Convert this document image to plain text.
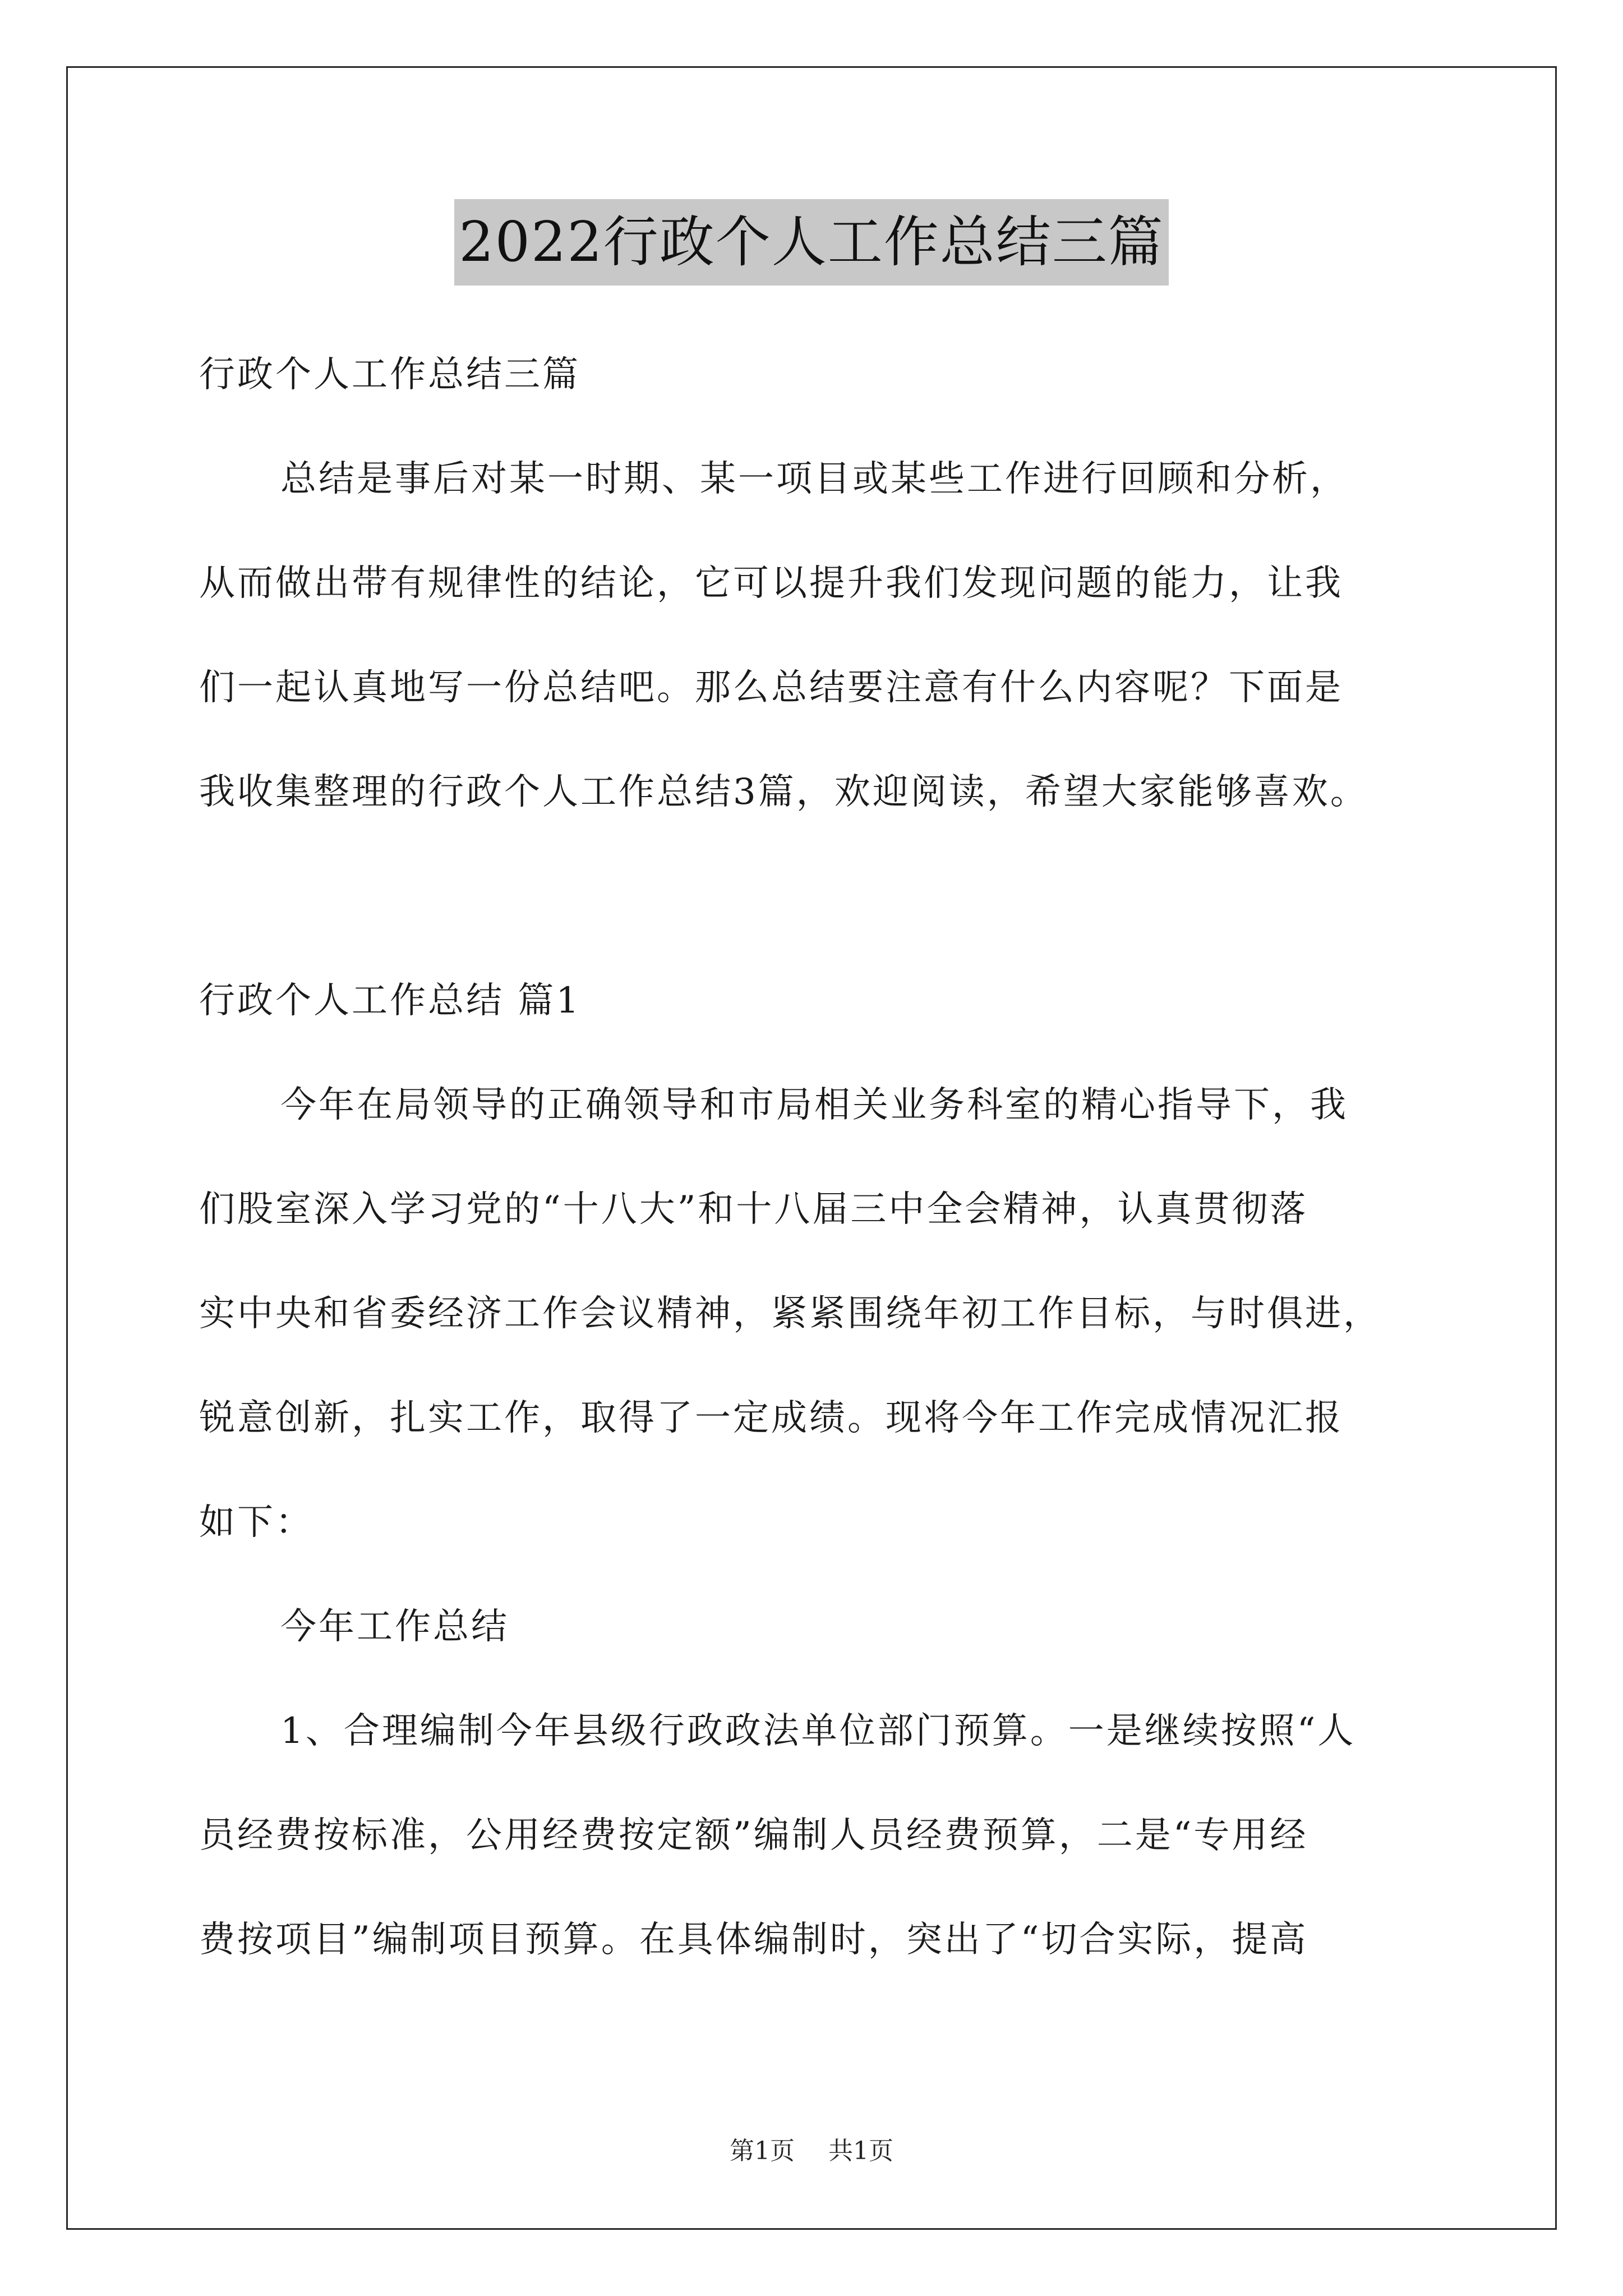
2022行政个人工作总结三篇
行政个人工作总结三篇
总结是事后对某一时期、某一项目或某些工作进行回顾和分析，
从而做出带有规律性的结论，它可以提升我们发现问题的能力，让我
们一起认真地写一份总结吧。那么总结要注意有什么内容呢？下面是
我收集整理的行政个人工作总结3篇，欢迎阅读，希望大家能够喜欢。
行政个人工作总结 篇1
今年在局领导的正确领导和市局相关业务科室的精心指导下，我
们股室深入学习党的“十八大”和十八届三中全会精神，认真贯彻落
实中央和省委经济工作会议精神，紧紧围绕年初工作目标，与时俱进，
锐意创新，扎实工作，取得了一定成绩。现将今年工作完成情况汇报
如下：
今年工作总结
1、合理编制今年县级行政政法单位部门预算。一是继续按照“人
员经费按标准，公用经费按定额”编制人员经费预算，二是“专用经
费按项目”编制项目预算。在具体编制时，突出了“切合实际，提高
第1页 共1页
